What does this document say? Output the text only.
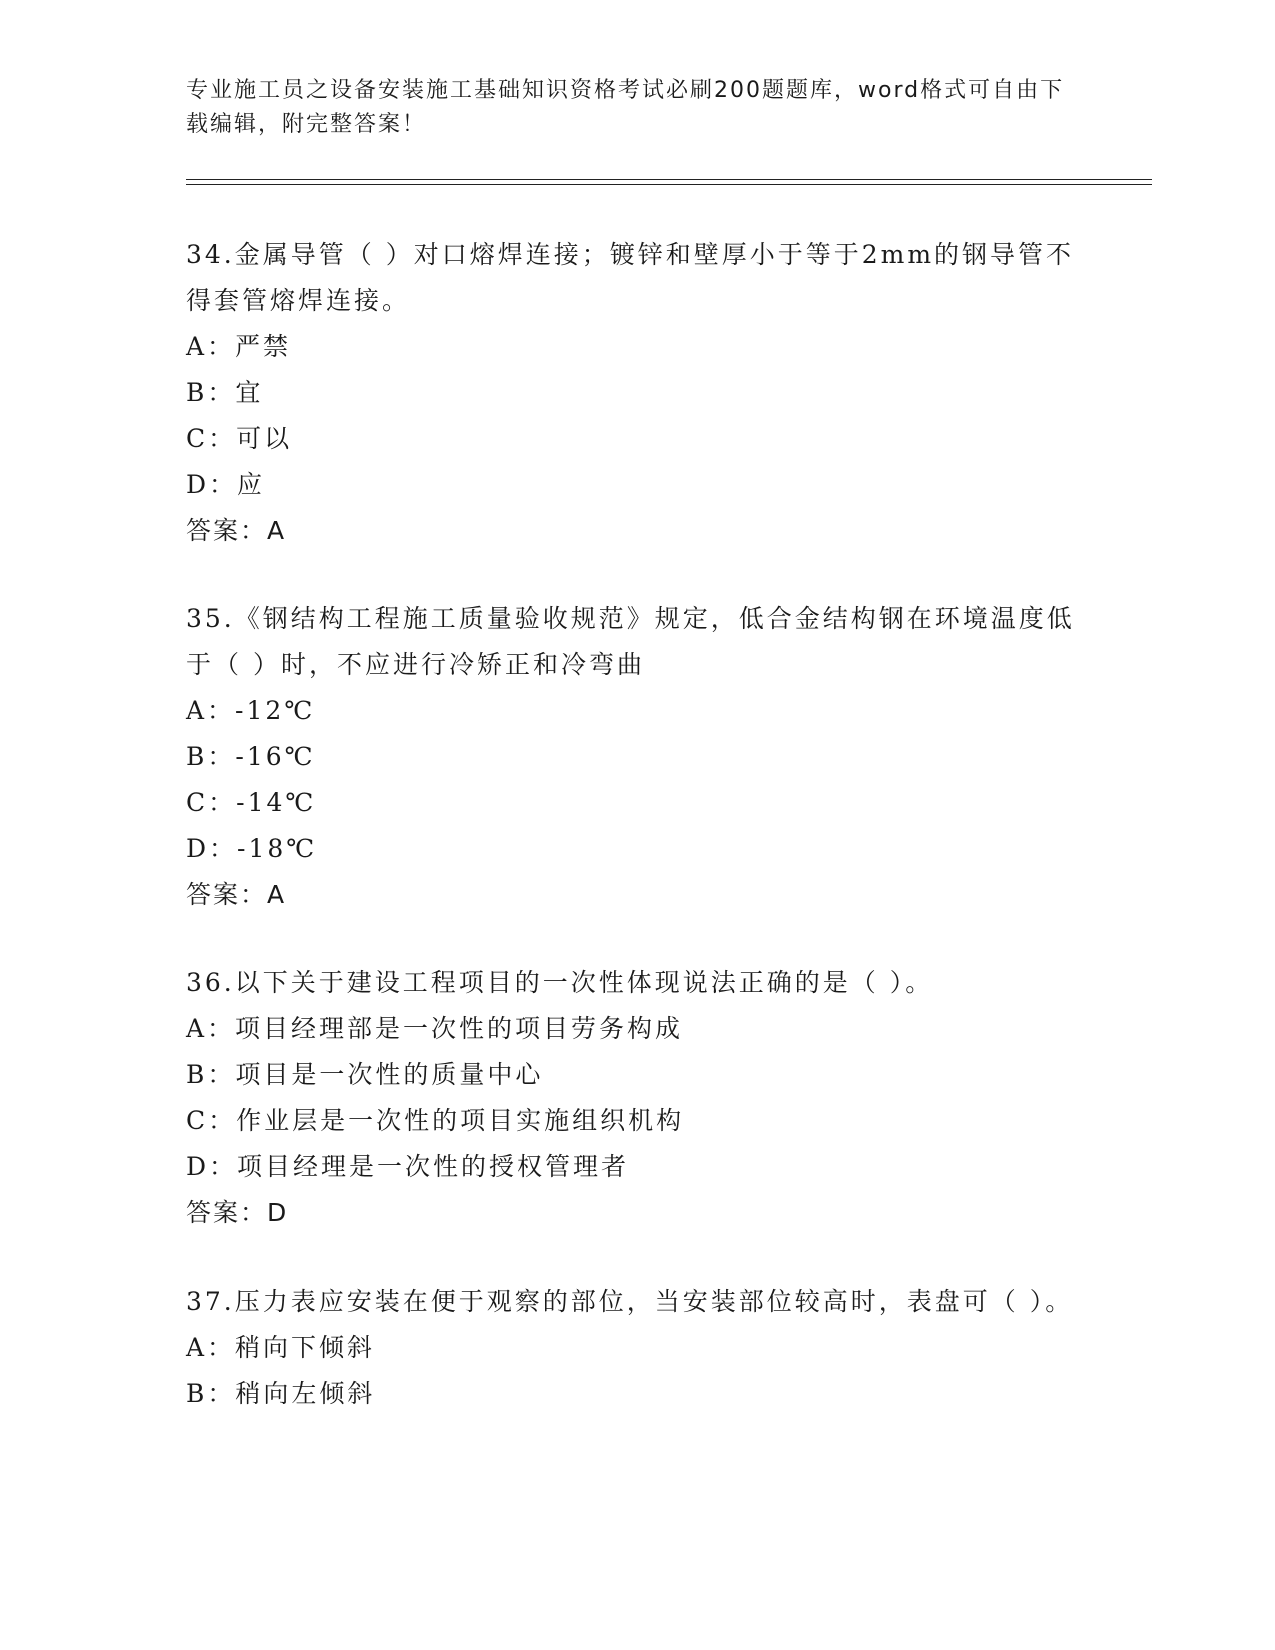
专业施工员之设备安装施工基础知识资格考试必刷200题题库，word格式可自由下载编辑，附完整答案！

34.金属导管（ ）对口熔焊连接；镀锌和壁厚小于等于2mm的钢导管不得套管熔焊连接。

A：严禁

B：宜

C：可以

D：应

答案：A

35.《钢结构工程施工质量验收规范》规定，低合金结构钢在环境温度低于（ ）时，不应进行冷矫正和冷弯曲

A：-12℃

B：-16℃

C：-14℃

D：-18℃

答案：A

36.以下关于建设工程项目的一次性体现说法正确的是（ ）。

A：项目经理部是一次性的项目劳务构成

B：项目是一次性的质量中心

C：作业层是一次性的项目实施组织机构

D：项目经理是一次性的授权管理者

答案：D

37.压力表应安装在便于观察的部位，当安装部位较高时，表盘可（ ）。

A：稍向下倾斜

B：稍向左倾斜
